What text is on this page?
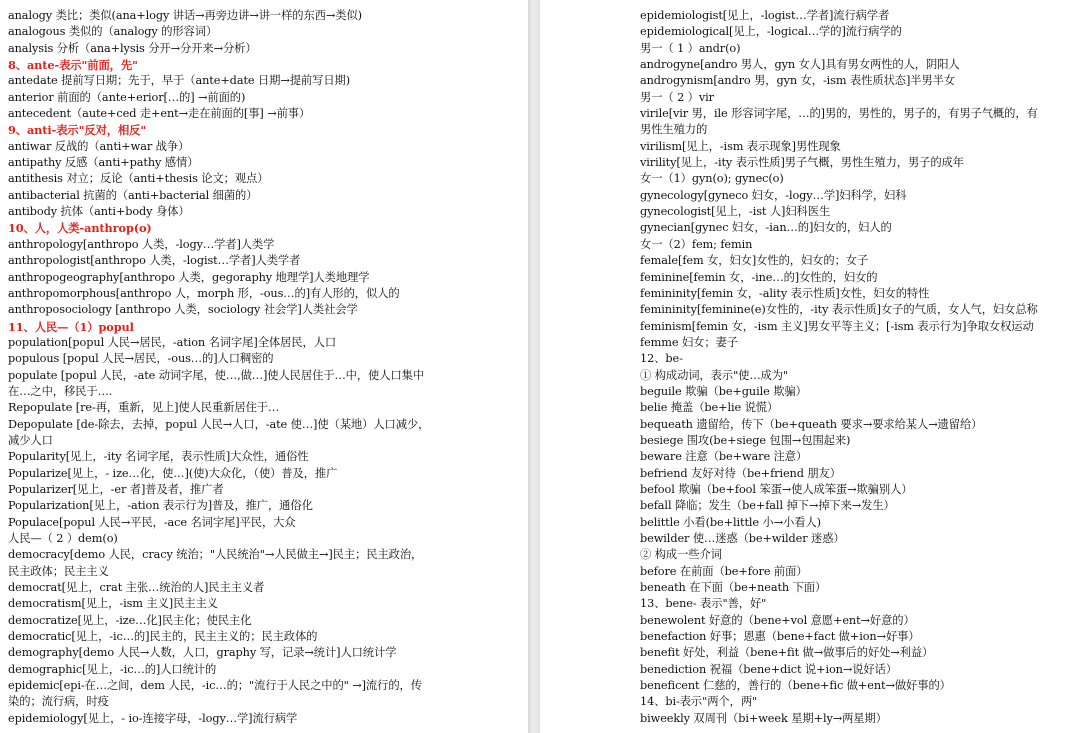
analogy 类比；类似(ana+logy 讲话→再旁边讲→讲一样的东西→类似)
analogous 类似的（analogy 的形容词）
analysis 分析（ana+lysis 分开→分开来→分析）
8、ante-表示"前面，先"
antedate 提前写日期；先于，早于（ante+date 日期→提前写日期)
anterior 前面的（ante+erior[…的] →前面的)
antecedent（aute+ced 走+ent→走在前面的[事] →前事）
9、anti-表示"反对，相反"
antiwar 反战的（anti+war 战争）
antipathy 反感（anti+pathy 感情）
antithesis 对立；反论（anti+thesis 论文；观点）
antibacterial 抗菌的（anti+bacterial 细菌的）
antibody 抗体（anti+body 身体）
10、人，人类-anthrop(o)
anthropology[anthropo 人类，-logy…学者]人类学
anthropologist[anthropo 人类，-logist…学者]人类学者
anthropogeography[anthropo 人类，gegoraphy 地理学]人类地理学
anthropomorphous[anthropo 人，morph 形，-ous…的]有人形的，似人的
anthroposociology [anthropo 人类，sociology 社会学]人类社会学
11、人民—（1）popul
population[popul 人民→居民，-ation 名词字尾]全体居民，人口
populous [popul 人民→居民，-ous…的]人口稠密的
populate [popul 人民，-ate 动词字尾，使…,做…]使人民居住于…中，使人口集中
在…之中，移民于….
Repopulate [re-再，重新，见上]使人民重新居住于…
Depopulate [de-除去，去掉，popul 人民→人口，-ate 使…]使（某地）人口减少，
减少人口
Popularity[见上，-ity 名词字尾，表示性质]大众性，通俗性
Popularize[见上，- ize…化，使…](使)大众化，（使）普及，推广
Popularizer[见上，-er 者]普及者，推广者
Popularization[见上，-ation 表示行为]普及，推广，通俗化
Populace[popul 人民→平民，-ace 名词字尾]平民，大众
人民—（ 2 ）dem(o)
democracy[demo 人民，cracy 统治；"人民统治"→人民做主→]民主；民主政治，
民主政体；民主主义
democrat[见上，crat 主张…统治的人]民主主义者
democratism[见上，-ism 主义]民主主义
democratize[见上，-ize…化]民主化；使民主化
democratic[见上，-ic…的]民主的，民主主义的；民主政体的
demography[demo 人民→人数，人口，graphy 写，记录→统计]人口统计学
demographic[见上，-ic…的]人口统计的
epidemic[epi-在…之间，dem 人民，-ic…的；"流行于人民之中的" →]流行的，传
染的；流行病，时疫
epidemiology[见上，- io-连接字母，-logy…学]流行病学
epidemiologist[见上，-logist…学者]流行病学者
epidemiological[见上，-logical…学的]流行病学的
男一（ 1 ）andr(o)
androgyne[andro 男人，gyn 女人]具有男女两性的人，阴阳人
androgynism[andro 男，gyn 女，-ism 表性质状态]半男半女
男一（ 2 ）vir
virile[vir 男，ile 形容词字尾，…的]男的，男性的，男子的，有男子气概的，有
男性生殖力的
virilism[见上，-ism 表示现象]男性现象
virility[见上，-ity 表示性质]男子气概，男性生殖力，男子的成年
女一（1）gyn(o); gynec(o)
gynecology[gyneco 妇女，-logy…学]妇科学，妇科
gynecologist[见上，-ist 人]妇科医生
gynecian[gynec 妇女，-ian…的]妇女的，妇人的
女一（2）fem; femin
female[fem 女，妇女]女性的，妇女的；女子
feminine[femin 女，-ine…的]女性的，妇女的
femininity[femin 女，-ality 表示性质]女性，妇女的特性
femininity[feminine(e)女性的，-ity 表示性质]女子的气质，女人气，妇女总称
feminism[femin 女，-ism 主义]男女平等主义；[-ism 表示行为]争取女权运动
femme 妇女；妻子
12、be-
① 构成动词，表示"使…成为"
beguile 欺骗（be+guile 欺骗）
belie 掩盖（be+lie 说慌）
bequeath 遗留给，传下（be+queath 要求→要求给某人→遗留给）
besiege 围攻(be+siege 包围→包围起来)
beware 注意（be+ware 注意）
befriend 友好对待（be+friend 朋友）
befool 欺骗（be+fool 笨蛋→使人成笨蛋→欺骗别人）
befall 降临；发生（be+fall 掉下→掉下来→发生）
belittle 小看(be+little 小→小看人)
bewilder 使…迷惑（be+wilder 迷惑）
② 构成一些介词
before 在前面（be+fore 前面）
beneath 在下面（be+neath 下面）
13、bene- 表示"善，好"
benewolent 好意的（bene+vol 意愿+ent→好意的）
benefaction 好事；恩惠（bene+fact 做+ion→好事）
benefit 好处，利益（bene+fit 做→做事后的好处→利益）
benediction 祝福（bene+dict 说+ion→说好话）
beneficent 仁慈的，善行的（bene+fic 做+ent→做好事的）
14、bi-表示"两个，两"
biweekly 双周刊（bi+week 星期+ly→两星期）
